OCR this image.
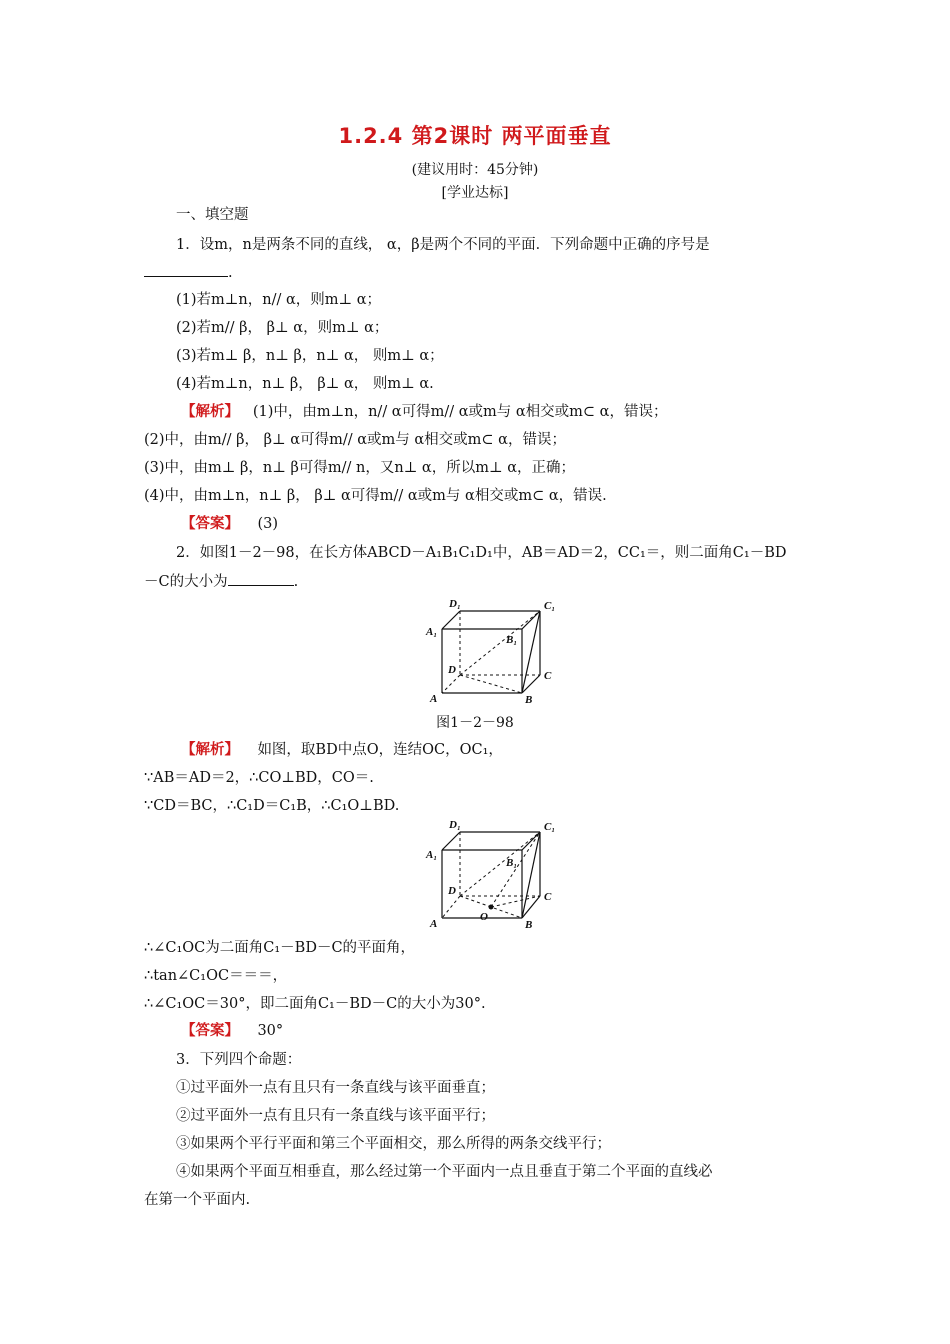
1.2.4 第2课时 两平面垂直
(建议用时：45分钟)
[学业达标]
一、填空题
1．设m，n是两条不同的直线， α，β是两个不同的平面．下列命题中正确的序号是
.
(1)若m⊥n，n// α，则m⊥ α；
(2)若m// β， β⊥ α，则m⊥ α；
(3)若m⊥ β，n⊥ β，n⊥ α， 则m⊥ α；
(4)若m⊥n，n⊥ β， β⊥ α， 则m⊥ α.
【解析】 (1)中，由m⊥n，n// α可得m// α或m与 α相交或m⊂ α，错误；
(2)中，由m// β， β⊥ α可得m// α或m与 α相交或m⊂ α，错误；
(3)中，由m⊥ β，n⊥ β可得m// n，又n⊥ α，所以m⊥ α，正确；
(4)中，由m⊥n，n⊥ β， β⊥ α可得m// α或m与 α相交或m⊂ α，错误.
【答案】 (3)
2．如图1－2－98，在长方体ABCD－A₁B₁C₁D₁中，AB＝AD＝2，CC₁＝，则二面角C₁－BD
－C的大小为	.
D₁	C₁
A₁
B₁
D	C
A	B
图1－2－98
【解析】 如图，取BD中点O，连结OC，OC₁，
∵AB＝AD＝2，∴CO⊥BD，CO＝.
∵CD＝BC，∴C₁D＝C₁B，∴C₁O⊥BD.
D₁	C₁
A₁
B₁
D	C
O
A	B
∴∠C₁OC为二面角C₁－BD－C的平面角，
∴tan∠C₁OC＝＝＝，
∴∠C₁OC＝30°，即二面角C₁－BD－C的大小为30°.
【答案】 30°
3．下列四个命题：
①过平面外一点有且只有一条直线与该平面垂直；
②过平面外一点有且只有一条直线与该平面平行；
③如果两个平行平面和第三个平面相交，那么所得的两条交线平行；
④如果两个平面互相垂直，那么经过第一个平面内一点且垂直于第二个平面的直线必
在第一个平面内.
